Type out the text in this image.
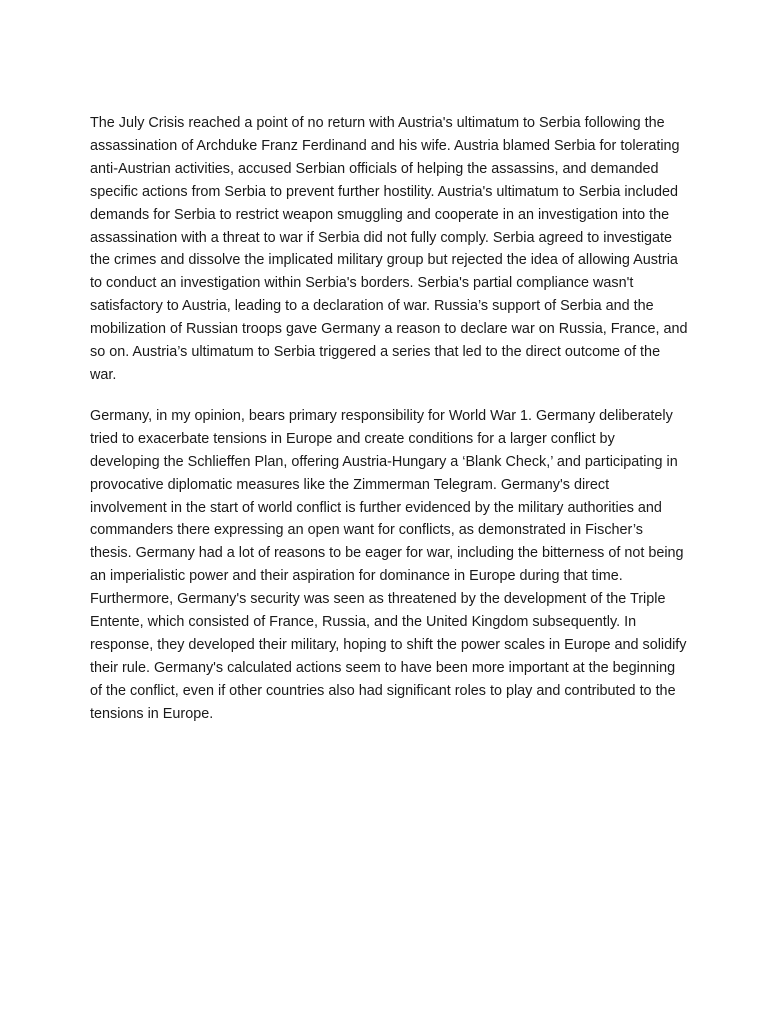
The July Crisis reached a point of no return with Austria's ultimatum to Serbia following the assassination of Archduke Franz Ferdinand and his wife. Austria blamed Serbia for tolerating anti-Austrian activities, accused Serbian officials of helping the assassins, and demanded specific actions from Serbia to prevent further hostility. Austria's ultimatum to Serbia included demands for Serbia to restrict weapon smuggling and cooperate in an investigation into the assassination with a threat to war if Serbia did not fully comply. Serbia agreed to investigate the crimes and dissolve the implicated military group but rejected the idea of allowing Austria to conduct an investigation within Serbia's borders. Serbia's partial compliance wasn't satisfactory to Austria, leading to a declaration of war. Russia’s support of Serbia and the mobilization of Russian troops gave Germany a reason to declare war on Russia, France, and so on. Austria’s ultimatum to Serbia triggered a series that led to the direct outcome of the war.

Germany, in my opinion, bears primary responsibility for World War 1. Germany deliberately tried to exacerbate tensions in Europe and create conditions for a larger conflict by developing the Schlieffen Plan, offering Austria-Hungary a ‘Blank Check,’ and participating in provocative diplomatic measures like the Zimmerman Telegram. Germany's direct involvement in the start of world conflict is further evidenced by the military authorities and commanders there expressing an open want for conflicts, as demonstrated in Fischer’s thesis. Germany had a lot of reasons to be eager for war, including the bitterness of not being an imperialistic power and their aspiration for dominance in Europe during that time. Furthermore, Germany's security was seen as threatened by the development of the Triple Entente, which consisted of France, Russia, and the United Kingdom subsequently. In response, they developed their military, hoping to shift the power scales in Europe and solidify their rule. Germany's calculated actions seem to have been more important at the beginning of the conflict, even if other countries also had significant roles to play and contributed to the tensions in Europe.
